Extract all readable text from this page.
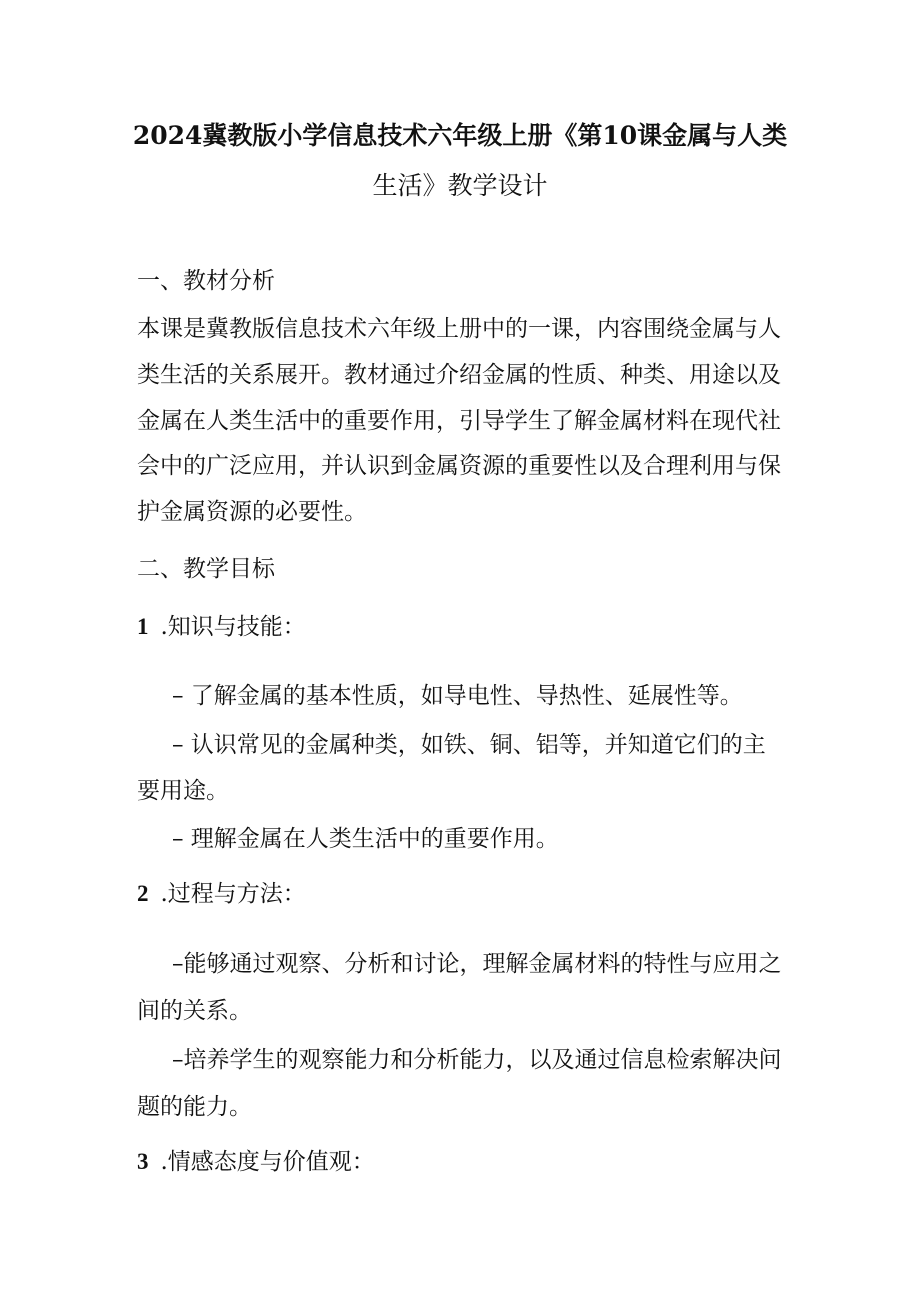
2024冀教版小学信息技术六年级上册《第10课金属与人类
生活》教学设计
一、教材分析
本课是冀教版信息技术六年级上册中的一课，内容围绕金属与人
类生活的关系展开。教材通过介绍金属的性质、种类、用途以及
金属在人类生活中的重要作用，引导学生了解金属材料在现代社
会中的广泛应用，并认识到金属资源的重要性以及合理利用与保
护金属资源的必要性。
二、教学目标
1 .知识与技能：
– 了解金属的基本性质，如导电性、导热性、延展性等。
– 认识常见的金属种类，如铁、铜、铝等，并知道它们的主
要用途。
– 理解金属在人类生活中的重要作用。
2 .过程与方法：
–能够通过观察、分析和讨论，理解金属材料的特性与应用之
间的关系。
–培养学生的观察能力和分析能力，以及通过信息检索解决问
题的能力。
3 .情感态度与价值观：
